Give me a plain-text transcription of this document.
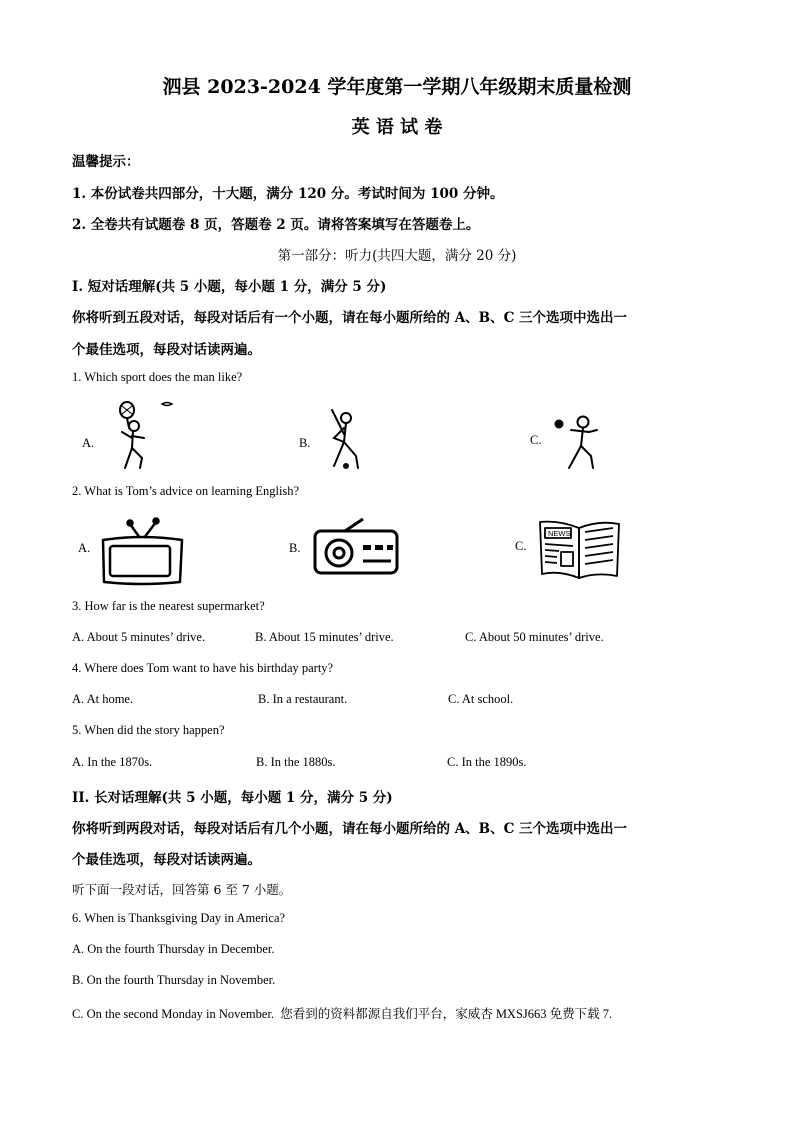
泗县 2023-2024 学年度第一学期八年级期末质量检测
英 语 试 卷
温馨提示：
1. 本份试卷共四部分，十大题，满分 120 分。考试时间为 100 分钟。
2. 全卷共有试题卷 8 页，答题卷 2 页。请将答案填写在答题卷上。
第一部分：听力(共四大题，满分 20 分)
Ⅰ. 短对话理解(共 5 小题，每小题 1 分，满分 5 分)
你将听到五段对话，每段对话后有一个小题，请在每小题所给的 A、B、C 三个选项中选出一
个最佳选项，每段对话读两遍。
1. Which sport does the man like?
A.	B.	C.
2. What is Tom’s advice on learning English?
A.	B.	C.
NEWS
3. How far is the nearest supermarket?
A. About 5 minutes’ drive.	B. About 15 minutes’ drive.	C. About 50 minutes’ drive.
4. Where does Tom want to have his birthday party?
A. At home.	B. In a restaurant.	C. At school.
5. When did the story happen?
A. In the 1870s.	B. In the 1880s.	C. In the 1890s.
II. 长对话理解(共 5 小题，每小题 1 分，满分 5 分)
你将听到两段对话，每段对话后有几个小题，请在每小题所给的 A、B、C 三个选项中选出一
个最佳选项，每段对话读两遍。
听下面一段对话，回答第 6 至 7 小题。
6. When is Thanksgiving Day in America?
A. On the fourth Thursday in December.
B. On the fourth Thursday in November.
C. On the second Monday in November. 您看到的资料都源自我们平台，家威杏 MXSJ663 免费下载 7.
